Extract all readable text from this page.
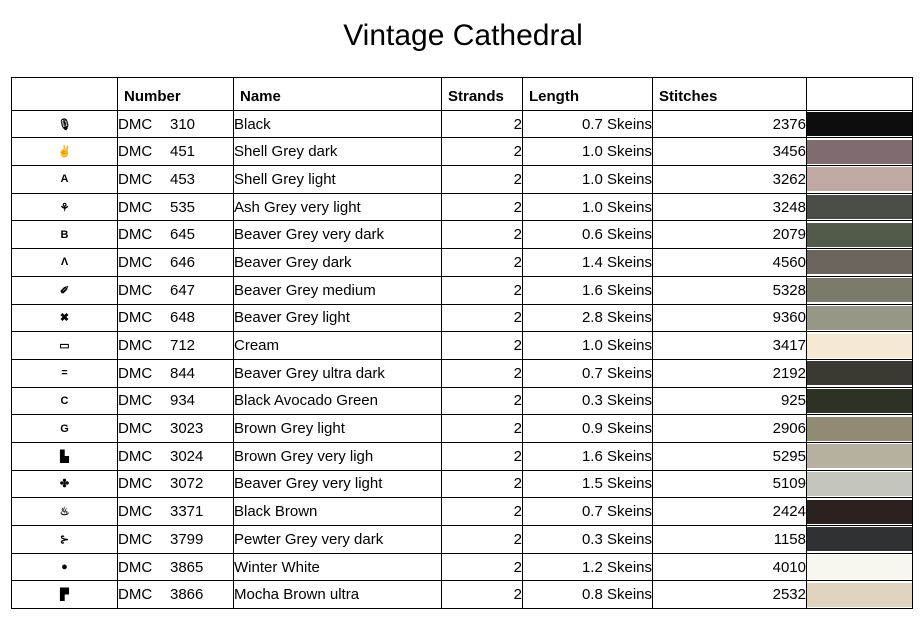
Vintage Cathedral
	Number	Name	Strands	Length	Stitches	
🎙	DMC 310	Black	2	0.7 Skeins	2376	

✌	DMC 451	Shell Grey dark	2	1.0 Skeins	3456	

A	DMC 453	Shell Grey light	2	1.0 Skeins	3262	

⚘	DMC 535	Ash Grey very light	2	1.0 Skeins	3248	

B	DMC 645	Beaver Grey very dark	2	0.6 Skeins	2079	

Λ	DMC 646	Beaver Grey dark	2	1.4 Skeins	4560	

✐	DMC 647	Beaver Grey medium	2	1.6 Skeins	5328	

✖	DMC 648	Beaver Grey light	2	2.8 Skeins	9360	

▭	DMC 712	Cream	2	1.0 Skeins	3417	

=	DMC 844	Beaver Grey ultra dark	2	0.7 Skeins	2192	

C	DMC 934	Black Avocado Green	2	0.3 Skeins	925	

G	DMC 3023	Brown Grey light	2	0.9 Skeins	2906	

▙	DMC 3024	Brown Grey very ligh	2	1.6 Skeins	5295	

✤	DMC 3072	Beaver Grey very light	2	1.5 Skeins	5109	

♨	DMC 3371	Black Brown	2	0.7 Skeins	2424	

⊱	DMC 3799	Pewter Grey very dark	2	0.3 Skeins	1158	

●	DMC 3865	Winter White	2	1.2 Skeins	4010	

▛	DMC 3866	Mocha Brown ultra	2	0.8 Skeins	2532	
